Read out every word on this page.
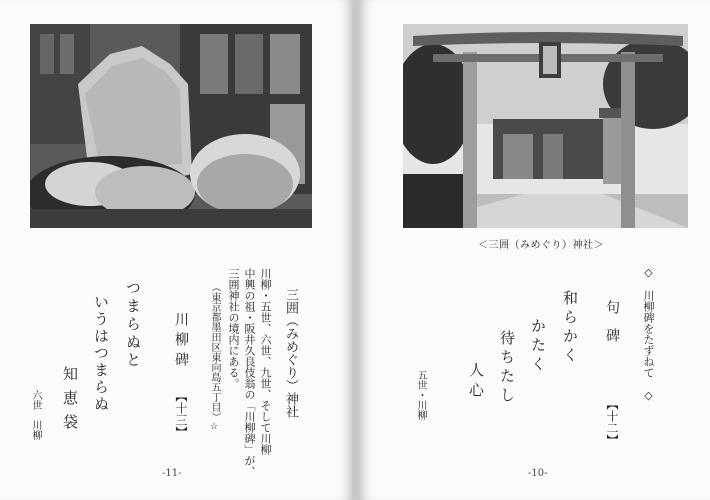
三囲（みめぐり）神社
川柳・五世、六世、九世、そして川柳
中興の祖・阪井久良伎翁の「川柳碑」が、
三囲神社の境内にある。
（東京都墨田区東向島五丁目）
☆
川柳碑
【十三】
つまらぬと
いうはつまらぬ
知恵袋
六世　川柳
-11-
＜三囲（みめぐり）神社＞
◇　川柳碑をたずねて　◇
句碑
【十二】
和らかく
かたく
待ちたし
人心
五世・川柳
-10-
